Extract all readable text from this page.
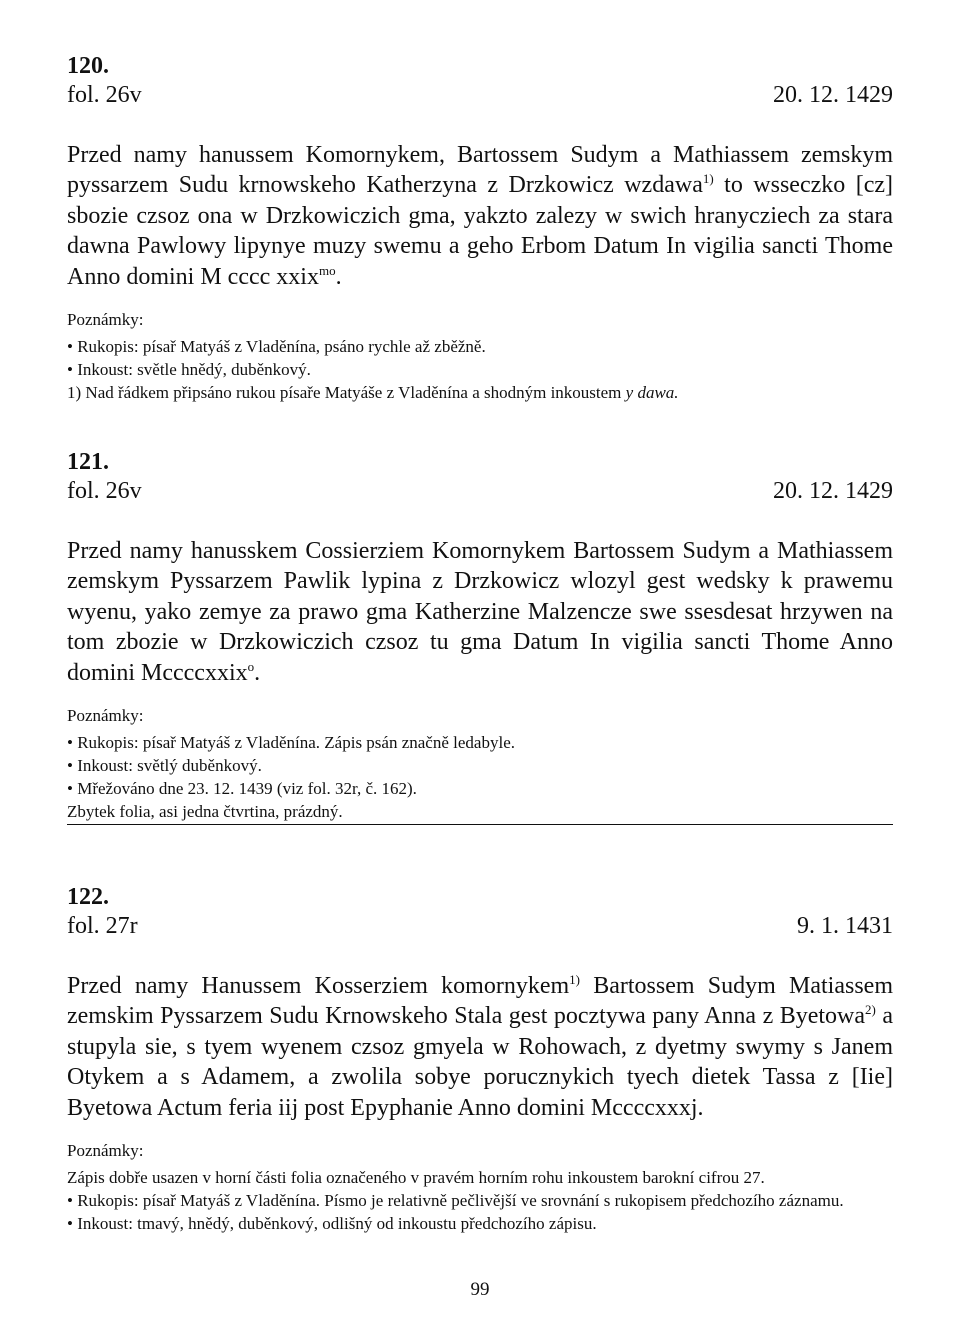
120.
fol. 26v	20. 12. 1429
Przed namy hanussem Komornykem, Bartossem Sudym a Mathiassem zemskym pyssarzem Sudu krnowskeho Katherzyna z Drzkowicz wzdawa$^{1)}$ to wsseczko [cz] sbozie czsoz ona w Drzkowiczich gma, yakzto zalezy w swich hranycziech za stara dawna Pawlowy lipynye muzy swemu a geho Erbom Datum In vigilia sancti Thome Anno domini M cccc xxix$^{mo}$.
Poznámky:
• Rukopis: písař Matyáš z Vladěnína, psáno rychle až zběžně.
• Inkoust: světle hnědý, duběnkový.
1) Nad řádkem připsáno rukou písaře Matyáše z Vladěnína a shodným inkoustem y dawa.
121.
fol. 26v	20. 12. 1429
Przed namy hanusskem Cossierziem Komornykem Bartossem Sudym a Mathiassem zemskym Pyssarzem Pawlik lypina z Drzkowicz wlozyl gest wedsky k prawemu wyenu, yako zemye za prawo gma Katherzine Malzencze swe ssesdesat hrzywen na tom zbozie w Drzkowiczich czsoz tu gma Datum In vigilia sancti Thome Anno domini Mccccxxix$^o$.
Poznámky:
• Rukopis: písař Matyáš z Vladěnína. Zápis psán značně ledabyle.
• Inkoust: světlý duběnkový.
• Mřežováno dne 23. 12. 1439 (viz fol. 32r, č. 162).
Zbytek folia, asi jedna čtvrtina, prázdný.
122.
fol. 27r	9. 1. 1431
Przed namy Hanussem Kosserziem komornykem$^{1)}$ Bartossem Sudym Matiassem zemskim Pyssarzem Sudu Krnowskeho Stala gest pocztywa pany Anna z Byetowa$^{2)}$ a stupyla sie, s tyem wyenem czsoz gmyela w Rohowach, z dyetmy swymy s Janem Otykem a s Adamem, a zwolila sobye porucznykich tyech dietek Tassa z [Iie] Byetowa Actum feria iij post Epyphanie Anno domini Mccccxxxj.
Poznámky:
Zápis dobře usazen v horní části folia označeného v pravém horním rohu inkoustem barokní cifrou 27.
• Rukopis: písař Matyáš z Vladěnína. Písmo je relativně pečlivější ve srovnání s rukopisem předchozího záznamu.
• Inkoust: tmavý, hnědý, duběnkový, odlišný od inkoustu předchozího zápisu.
99
